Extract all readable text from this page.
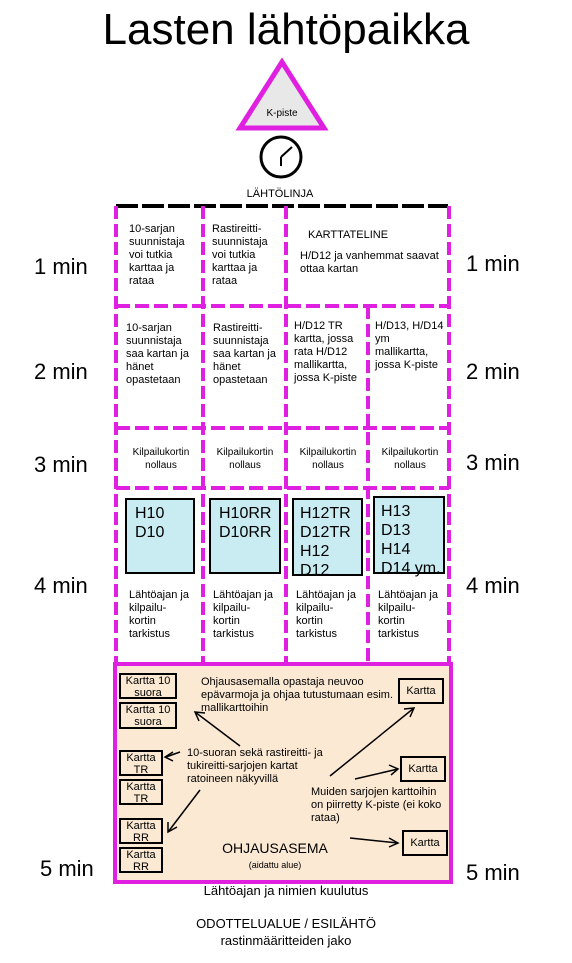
Lasten lähtöpaikka
K-piste
LÄHTÖLINJA
1 min
2 min
3 min
4 min
5 min
1 min
2 min
3 min
4 min
5 min
10-sarjan suunnistaja voi tutkia karttaa ja rataa
Rastireitti-suunnistaja voi tutkia karttaa ja rataa
KARTTATELINE
H/D12 ja vanhemmat saavat ottaa kartan
10-sarjan suunnistaja saa kartan ja hänet opastetaan
Rastireitti-suunnistaja saa kartan ja hänet opastetaan
H/D12 TR kartta, jossa rata H/D12 mallikartta, jossa K-piste
H/D13, H/D14 ym mallikartta, jossa K-piste
Kilpailukortin nollaus
Kilpailukortin nollaus
Kilpailukortin nollaus
Kilpailukortin nollaus
H10
D10
H10RR
D10RR
H12TR
D12TR
H12
D12
H13
D13
H14
D14 ym.
Lähtöajan ja kilpailu-kortin tarkistus
Lähtöajan ja kilpailu-kortin tarkistus
Lähtöajan ja kilpailu-kortin tarkistus
Lähtöajan ja kilpailu-kortin tarkistus
Kartta 10 suora
Kartta 10 suora
Kartta TR
Kartta TR
Kartta RR
Kartta RR
Kartta
Kartta
Kartta
Ohjausasemalla opastaja neuvoo epävarmoja ja ohjaa tutustumaan esim. mallikarttoihin
10-suoran sekä rastireitti- ja tukireitti-sarjojen kartat ratoineen näkyvillä
Muiden sarjojen karttoihin on piirretty K-piste (ei koko rataa)
OHJAUSASEMA
(aidattu alue)
Lähtöajan ja nimien kuulutus
ODOTTELUALUE / ESILÄHTÖ
rastinmääritteiden jako
